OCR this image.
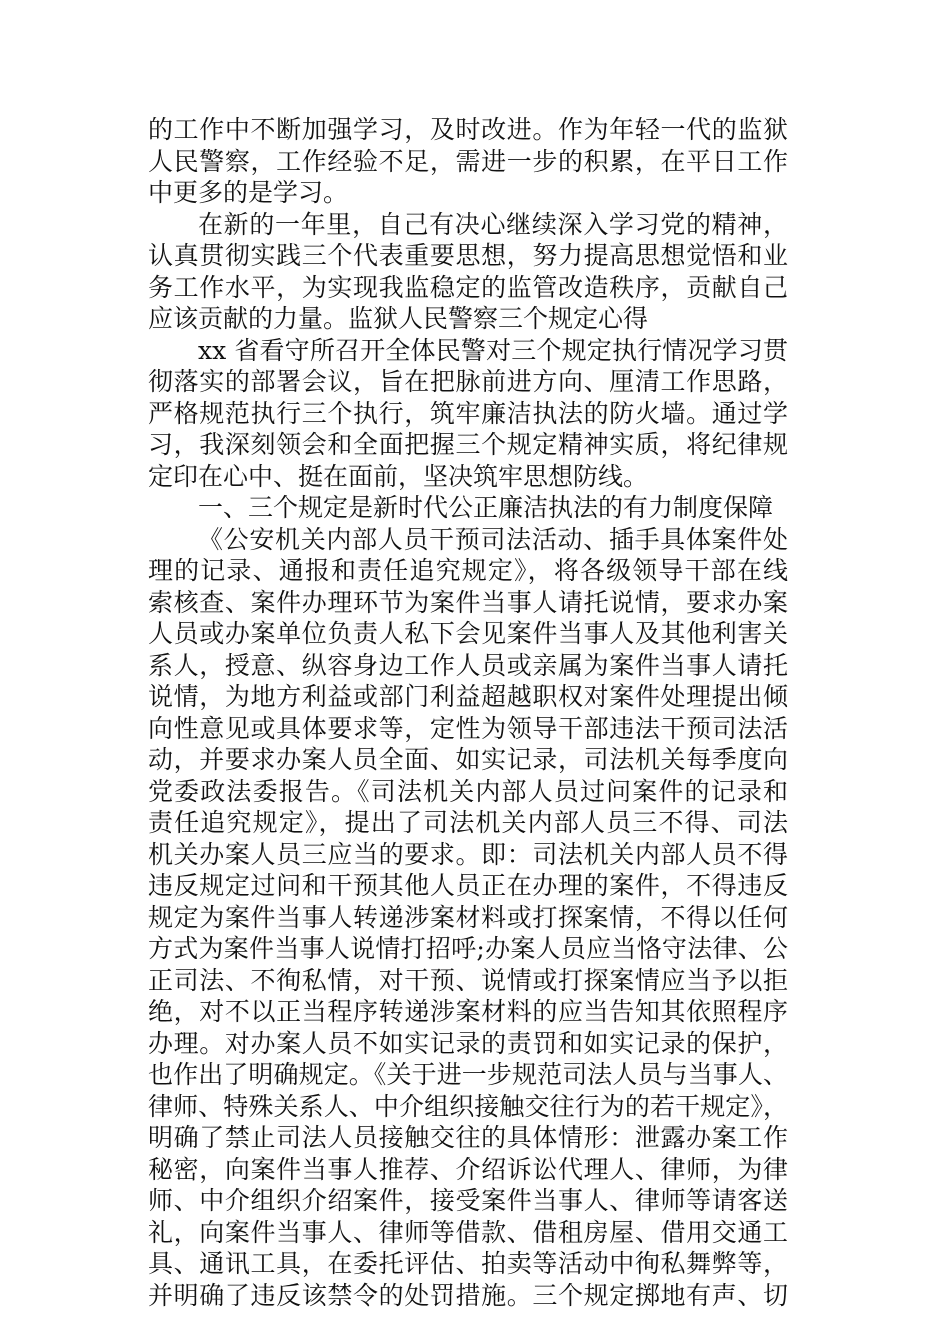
的工作中不断加强学习，及时改进。作为年轻一代的监狱
人民警察，工作经验不足，需进一步的积累，在平日工作
中更多的是学习。
在新的一年里，自己有决心继续深入学习党的精神，
认真贯彻实践三个代表重要思想，努力提高思想觉悟和业
务工作水平，为实现我监稳定的监管改造秩序，贡献自己
应该贡献的力量。监狱人民警察三个规定心得
xx 省看守所召开全体民警对三个规定执行情况学习贯
彻落实的部署会议，旨在把脉前进方向、厘清工作思路，
严格规范执行三个执行，筑牢廉洁执法的防火墙。通过学
习，我深刻领会和全面把握三个规定精神实质，将纪律规
定印在心中、挺在面前，坚决筑牢思想防线。
一、三个规定是新时代公正廉洁执法的有力制度保障
《公安机关内部人员干预司法活动、插手具体案件处
理的记录、通报和责任追究规定》，将各级领导干部在线
索核查、案件办理环节为案件当事人请托说情，要求办案
人员或办案单位负责人私下会见案件当事人及其他利害关
系人，授意、纵容身边工作人员或亲属为案件当事人请托
说情，为地方利益或部门利益超越职权对案件处理提出倾
向性意见或具体要求等，定性为领导干部违法干预司法活
动，并要求办案人员全面、如实记录，司法机关每季度向
党委政法委报告。《司法机关内部人员过问案件的记录和
责任追究规定》，提出了司法机关内部人员三不得、司法
机关办案人员三应当的要求。即：司法机关内部人员不得
违反规定过问和干预其他人员正在办理的案件，不得违反
规定为案件当事人转递涉案材料或打探案情，不得以任何
方式为案件当事人说情打招呼;办案人员应当恪守法律、公
正司法、不徇私情，对干预、说情或打探案情应当予以拒
绝，对不以正当程序转递涉案材料的应当告知其依照程序
办理。对办案人员不如实记录的责罚和如实记录的保护，
也作出了明确规定。《关于进一步规范司法人员与当事人、
律师、特殊关系人、中介组织接触交往行为的若干规定》，
明确了禁止司法人员接触交往的具体情形：泄露办案工作
秘密，向案件当事人推荐、介绍诉讼代理人、律师，为律
师、中介组织介绍案件，接受案件当事人、律师等请客送
礼，向案件当事人、律师等借款、借租房屋、借用交通工
具、通讯工具，在委托评估、拍卖等活动中徇私舞弊等，
并明确了违反该禁令的处罚措施。三个规定掷地有声、切
